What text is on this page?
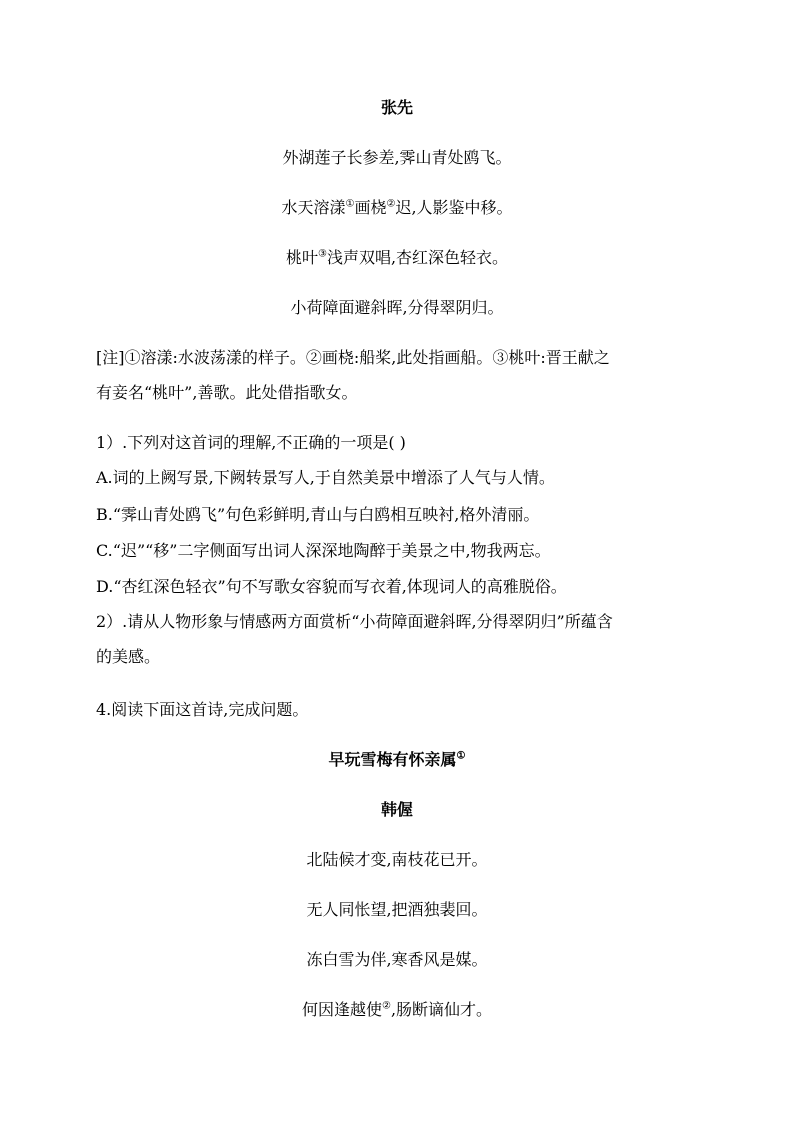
张先
外湖莲子长参差,霁山青处鸥飞。
水天溶漾①画桡②迟,人影鉴中移。
桃叶③浅声双唱,杏红深色轻衣。
小荷障面避斜晖,分得翠阴归。
[注]①溶漾:水波荡漾的样子。②画桡:船桨,此处指画船。③桃叶:晋王献之
有妾名“桃叶”,善歌。此处借指歌女。
1）.下列对这首词的理解,不正确的一项是( )
A.词的上阙写景,下阙转景写人,于自然美景中增添了人气与人情。
B.“霁山青处鸥飞”句色彩鲜明,青山与白鸥相互映衬,格外清丽。
C.“迟”“移”二字侧面写出词人深深地陶醉于美景之中,物我两忘。
D.“杏红深色轻衣”句不写歌女容貌而写衣着,体现词人的高雅脱俗。
2）.请从人物形象与情感两方面赏析“小荷障面避斜晖,分得翠阴归”所蕴含
的美感。
4.阅读下面这首诗,完成问题。
早玩雪梅有怀亲属①
韩偓
北陆候才变,南枝花已开。
无人同怅望,把酒独裴回。
冻白雪为伴,寒香风是媒。
何因逢越使②,肠断谪仙才。
